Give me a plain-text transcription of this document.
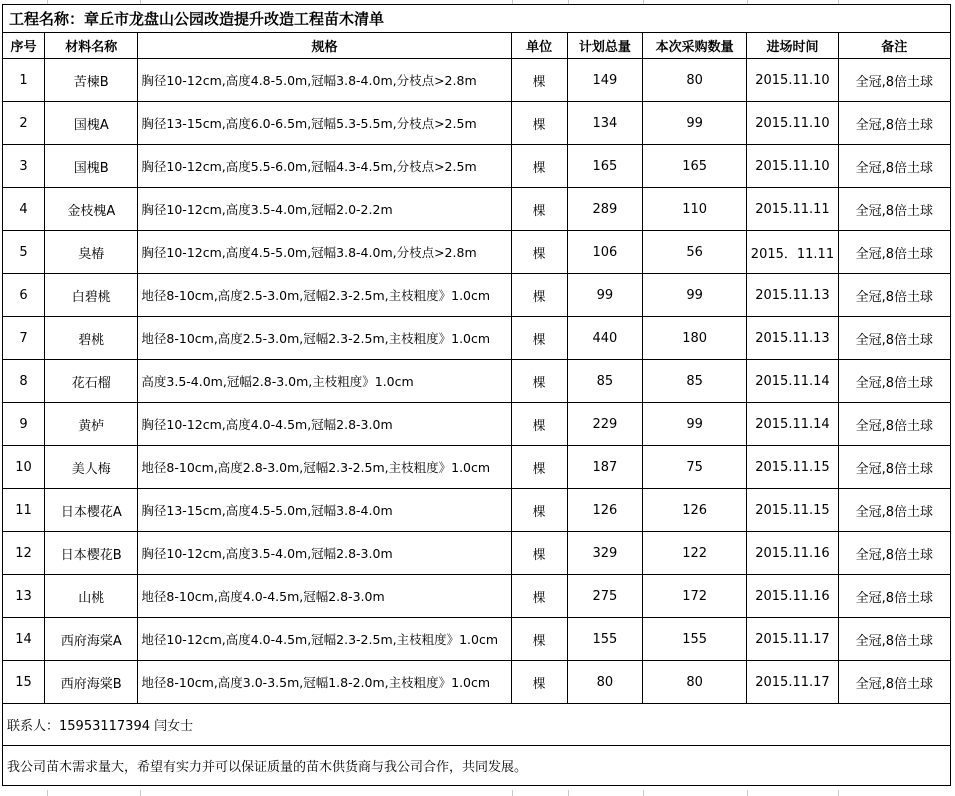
工程名称：章丘市龙盘山公园改造提升改造工程苗木清单							
序号	材料名称	规格	单位	计划总量	本次采购数量	进场时间	备注
1	苦楝B	胸径10-12cm,高度4.8-5.0m,冠幅3.8-4.0m,分枝点>2.8m	棵	149	80	2015.11.10	全冠,8倍土球
2	国槐A	胸径13-15cm,高度6.0-6.5m,冠幅5.3-5.5m,分枝点>2.5m	棵	134	99	2015.11.10	全冠,8倍土球
3	国槐B	胸径10-12cm,高度5.5-6.0m,冠幅4.3-4.5m,分枝点>2.5m	棵	165	165	2015.11.10	全冠,8倍土球
4	金枝槐A	胸径10-12cm,高度3.5-4.0m,冠幅2.0-2.2m	棵	289	110	2015.11.11	全冠,8倍土球
5	臭椿	胸径10-12cm,高度4.5-5.0m,冠幅3.8-4.0m,分枝点>2.8m	棵	106	56	2015．11.11	全冠,8倍土球
6	白碧桃	地径8-10cm,高度2.5-3.0m,冠幅2.3-2.5m,主枝粗度》1.0cm	棵	99	99	2015.11.13	全冠,8倍土球
7	碧桃	地径8-10cm,高度2.5-3.0m,冠幅2.3-2.5m,主枝粗度》1.0cm	棵	440	180	2015.11.13	全冠,8倍土球
8	花石榴	高度3.5-4.0m,冠幅2.8-3.0m,主枝粗度》1.0cm	棵	85	85	2015.11.14	全冠,8倍土球
9	黄栌	胸径10-12cm,高度4.0-4.5m,冠幅2.8-3.0m	棵	229	99	2015.11.14	全冠,8倍土球
10	美人梅	地径8-10cm,高度2.8-3.0m,冠幅2.3-2.5m,主枝粗度》1.0cm	棵	187	75	2015.11.15	全冠,8倍土球
11	日本樱花A	胸径13-15cm,高度4.5-5.0m,冠幅3.8-4.0m	棵	126	126	2015.11.15	全冠,8倍土球
12	日本樱花B	胸径10-12cm,高度3.5-4.0m,冠幅2.8-3.0m	棵	329	122	2015.11.16	全冠,8倍土球
13	山桃	地径8-10cm,高度4.0-4.5m,冠幅2.8-3.0m	棵	275	172	2015.11.16	全冠,8倍土球
14	西府海棠A	地径10-12cm,高度4.0-4.5m,冠幅2.3-2.5m,主枝粗度》1.0cm	棵	155	155	2015.11.17	全冠,8倍土球
15	西府海棠B	地径8-10cm,高度3.0-3.5m,冠幅1.8-2.0m,主枝粗度》1.0cm	棵	80	80	2015.11.17	全冠,8倍土球
联系人：15953117394 闫女士							
我公司苗木需求量大，希望有实力并可以保证质量的苗木供货商与我公司合作，共同发展。							
